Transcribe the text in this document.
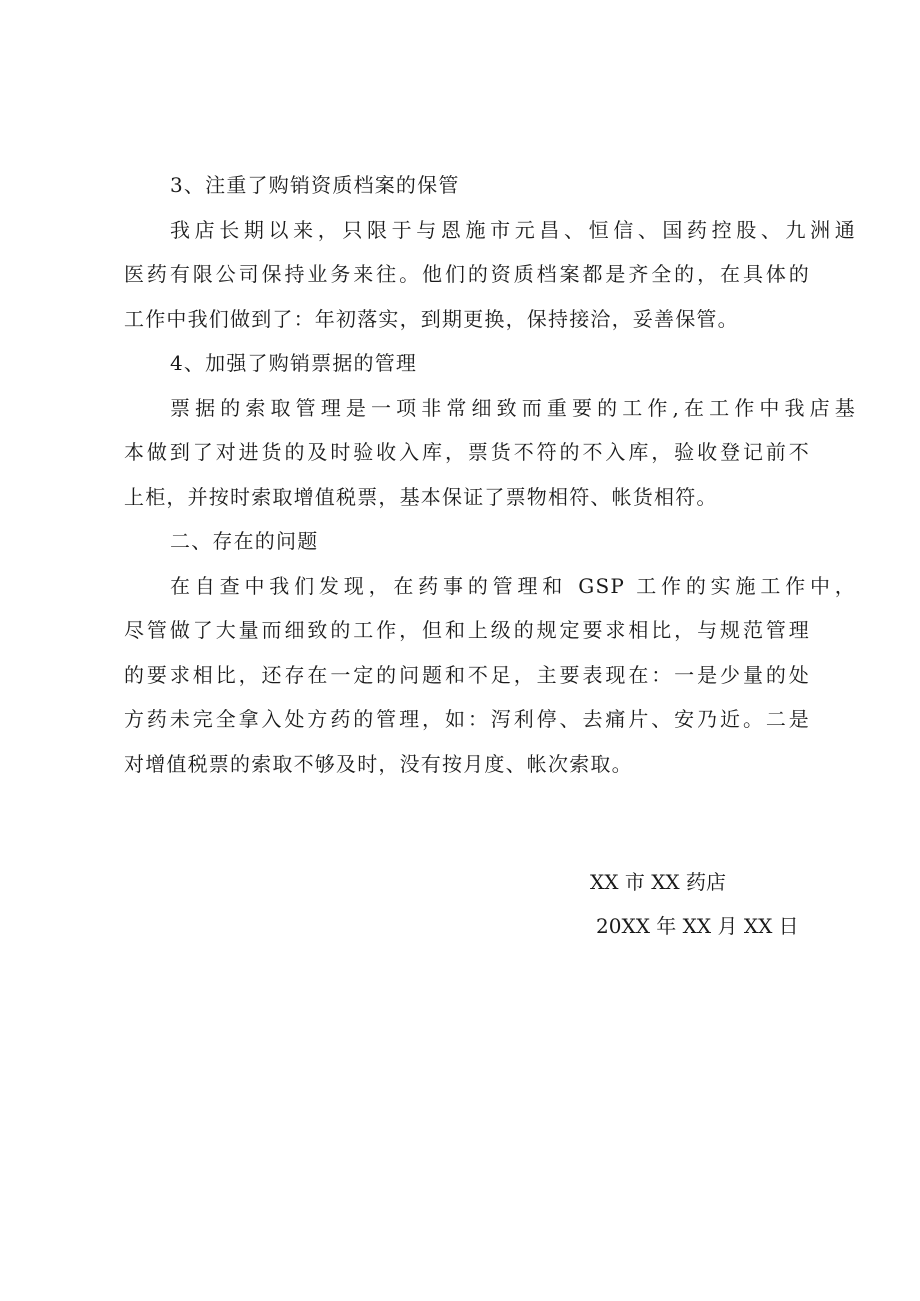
3、注重了购销资质档案的保管
我店长期以来，只限于与恩施市元昌、恒信、国药控股、九洲通
医药有限公司保持业务来往。他们的资质档案都是齐全的，在具体的
工作中我们做到了：年初落实，到期更换，保持接洽，妥善保管。
4、加强了购销票据的管理
票据的索取管理是一项非常细致而重要的工作,在工作中我店基
本做到了对进货的及时验收入库，票货不符的不入库，验收登记前不
上柜，并按时索取增值税票，基本保证了票物相符、帐货相符。
二、存在的问题
在自查中我们发现，在药事的管理和 GSP 工作的实施工作中，
尽管做了大量而细致的工作，但和上级的规定要求相比，与规范管理
的要求相比，还存在一定的问题和不足，主要表现在：一是少量的处
方药未完全拿入处方药的管理，如：泻利停、去痛片、安乃近。二是
对增值税票的索取不够及时，没有按月度、帐次索取。
XX 市 XX 药店
20XX 年 XX 月 XX 日
